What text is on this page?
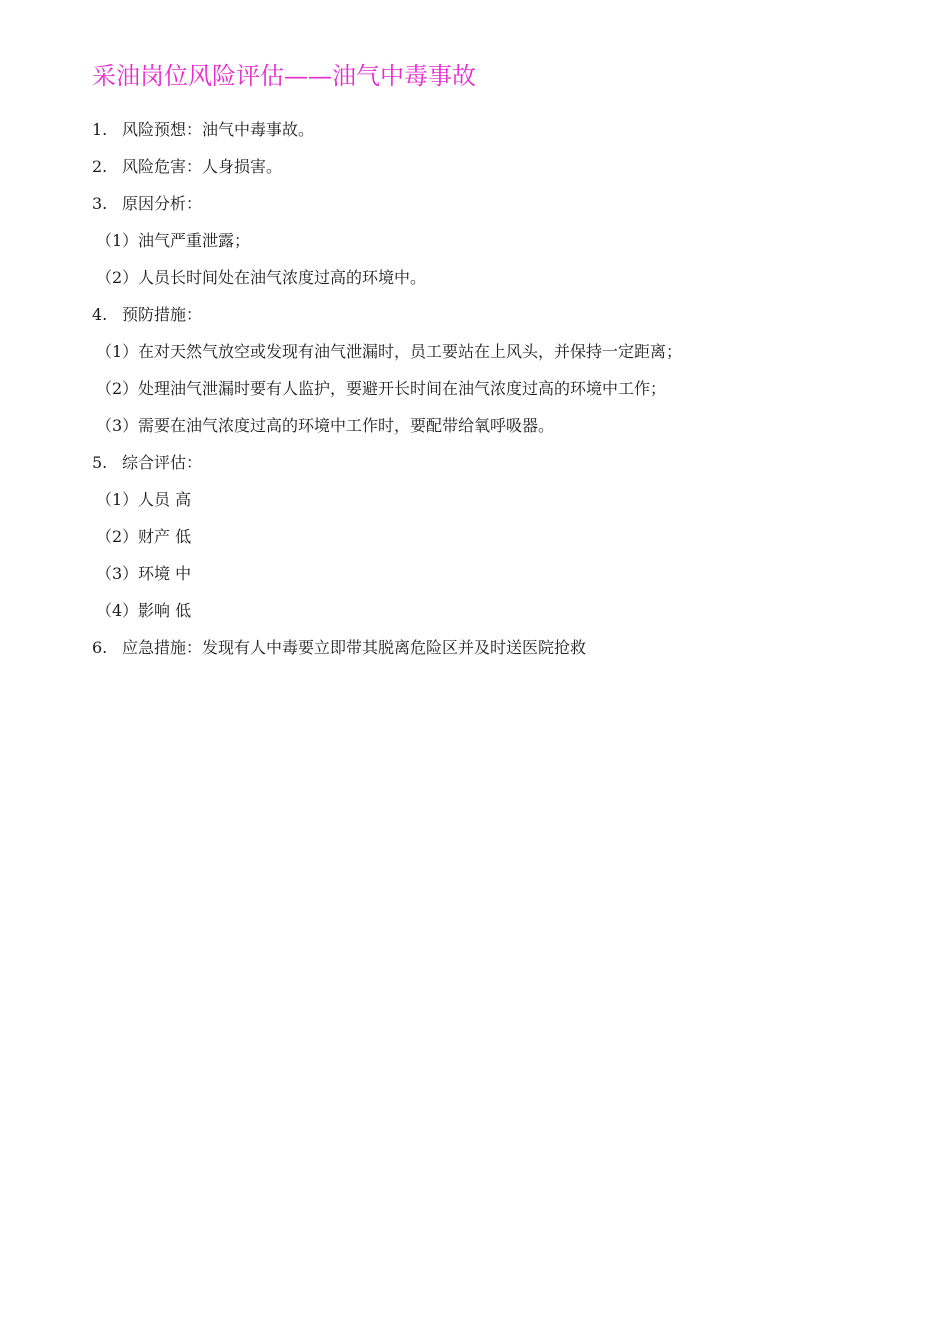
采油岗位风险评估——油气中毒事故
1. 风险预想：油气中毒事故。
2. 风险危害：人身损害。
3. 原因分析：
（1） 油气严重泄露；
（2） 人员长时间处在油气浓度过高的环境中。
4. 预防措施：
（1） 在对天然气放空或发现有油气泄漏时，员工要站在上风头，并保持一定距离；
（2） 处理油气泄漏时要有人监护，要避开长时间在油气浓度过高的环境中工作；
（3） 需要在油气浓度过高的环境中工作时，要配带给氧呼吸器。
5. 综合评估：
（1） 人员 高
（2） 财产 低
（3） 环境 中
（4） 影响 低
6. 应急措施：发现有人中毒要立即带其脱离危险区并及时送医院抢救
